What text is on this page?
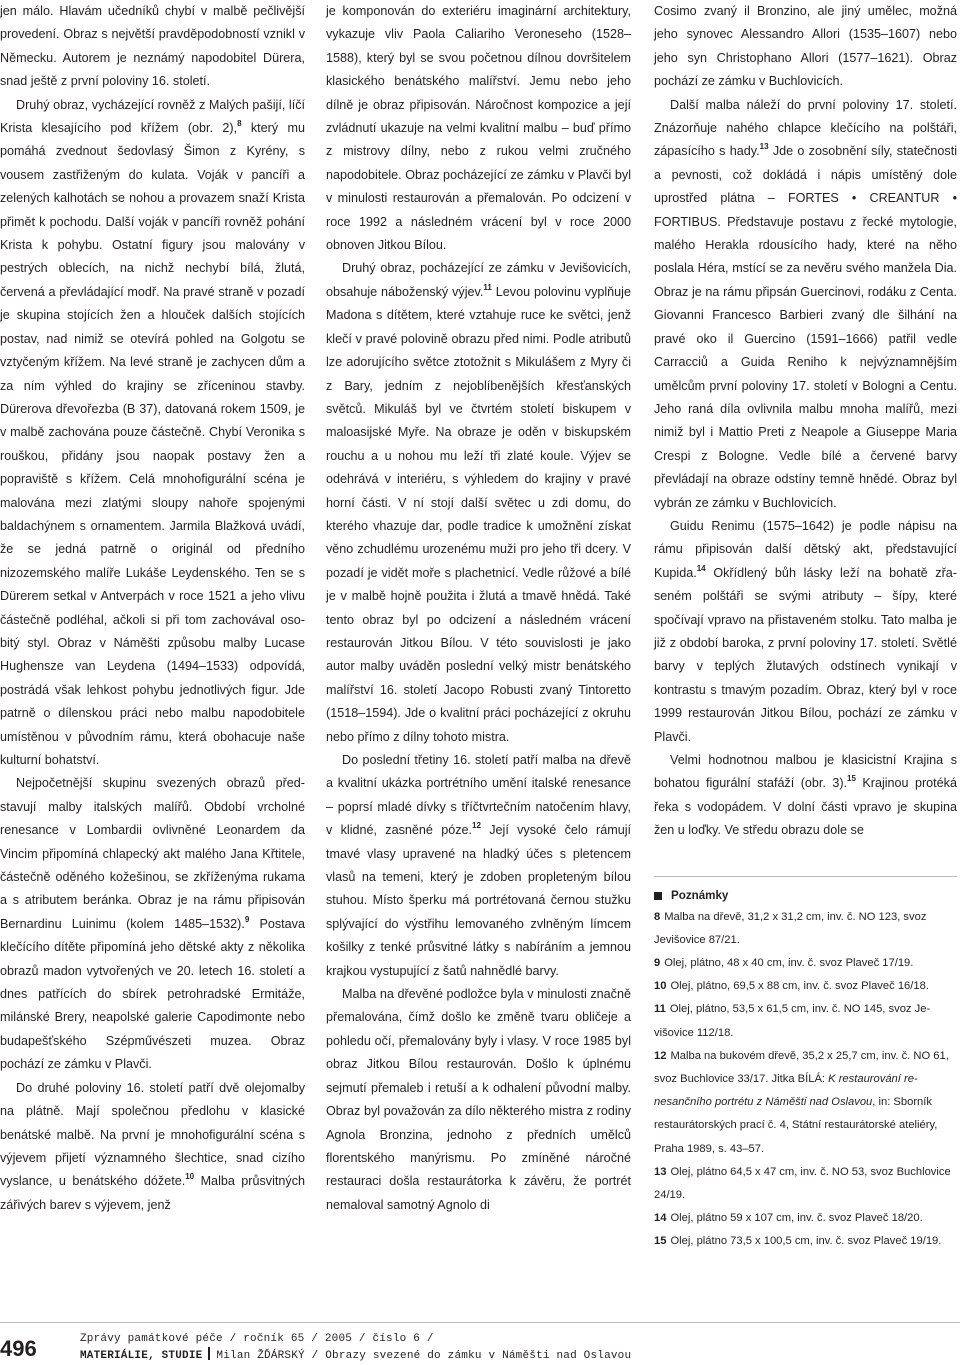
jen málo. Hlavám učedníků chybí v malbě pečlivější provedení. Obraz s největší pravděpodobností vznikl v Německu. Autorem je neznámý napodobitel Dürera, snad ještě z první poloviny 16. století.

Druhý obraz, vycházející rovněž z Malých pašijí, líčí Krista klesajícího pod křížem (obr. 2),$^8$ který mu pomáhá zvednout šedovlasý Šimon z Kyrény, s vousem zastřiženým do kulata. Voják v pancíři a zelených kalhotách se nohou a provazem snaží Krista přimět k pochodu. Další voják v pancíři rovněž pohání Krista k pohybu. Ostatní figury jsou malovány v pestrých oblecích, na nichž nechybí bílá, žlutá, červená a převládající modř. Na pravé straně v pozadí je skupina stojících žen a hlouček dalších stojících postav, nad nimiž se otevírá pohled na Golgotu se vztyčeným křížem. Na levé straně je zachycen dům a za ním výhled do krajiny se zříceninou stavby. Dürerova dřevořezba (B 37), datovaná rokem 1509, je v malbě zachována pouze částečně. Chybí Veronika s rouškou, přidány jsou naopak postavy žen a popraviště s křížem. Celá mnohofigurální scéna je malována mezi zlatými sloupy nahoře spojenými baldachýnem s ornamentem. Jarmila Blažková uvádí, že se jedná patrně o originál od předního nizozemského malíře Lukáše Leydenského. Ten se s Dürerem setkal v Antverpách v roce 1521 a jeho vlivu částečně podléhal, ačkoli si při tom zachovával osobitý styl. Obraz v Náměšti způsobu malby Lucase Hughensze van Leydena (1494–1533) odpovídá, postrádá však lehkost pohybu jednotlivých figur. Jde patrně o dílenskou práci nebo malbu napodobitele umístěnou v původním rámu, která obohacuje naše kulturní bohatství.

Nejpočetnější skupinu svezených obrazů představují malby italských malířů. Období vrcholné renesance v Lombardii ovlivněné Leonardem da Vincim připomíná chlapecký akt malého Jana Křtitele, částečně oděného kožešinou, se zkříženýma rukama a s atributem beránka. Obraz je na rámu připisován Bernardinu Luinimu (kolem 1485–1532).$^9$ Postava klečícího dítěte připomíná jeho dětské akty z několika obrazů madon vytvořených ve 20. letech 16. století a dnes patřících do sbírek petrohradské Ermitáže, milánské Brery, neapolské galerie Capodimonte nebo budapešťského Szépművészeti muzea. Obraz pochází ze zámku v Plavči.

Do druhé poloviny 16. století patří dvě olejomalby na plátně. Mají společnou předlohu v klasické benátské malbě. Na první je mnohofigurální scéna s výjevem přijetí významného šlechtice, snad cizího vyslance, u benátského dóžete.$^{10}$ Malba průsvitných zářivých barev s výjevem, jenž

je komponován do exteriéru imaginární architektury, vykazuje vliv Paola Caliariho Veroneseho (1528–1588), který byl se svou početnou dílnou dovršitelem klasického benátského malířství. Jemu nebo jeho dílně je obraz připisován. Náročnost kompozice a její zvládnutí ukazuje na velmi kvalitní malbu – buď přímo z mistrovy dílny, nebo z rukou velmi zručného napodobitele. Obraz pocházející ze zámku v Plavči byl v minulosti restaurován a přemalován. Po odcizení v roce 1992 a následném vrácení byl v roce 2000 obnoven Jitkou Bílou.

Druhý obraz, pocházející ze zámku v Jevišovicích, obsahuje náboženský výjev.$^{11}$ Levou polovinu vyplňuje Madona s dítětem, které vztahuje ruce ke světci, jenž klečí v pravé polovině obrazu před nimi. Podle atributů lze adorujícího světce ztotožnit s Mikulášem z Myry či z Bary, jedním z nejoblíbenějších křesťanských světců. Mikuláš byl ve čtvrtém století biskupem v maloasijské Myře. Na obraze je oděn v biskupském rouchu a u nohou mu leží tři zlaté koule. Výjev se odehrává v interiéru, s výhledem do krajiny v pravé horní části. V ní stojí další světec u zdi domu, do kterého vhazuje dar, podle tradice k umožnění získat věno zchudlému urozenému muži pro jeho tři dcery. V pozadí je vidět moře s plachetnicí. Vedle růžové a bílé je v malbě hojně použita i žlutá a tmavě hnědá. Také tento obraz byl po odcizení a následném vrácení restaurován Jitkou Bílou. V této souvislosti je jako autor malby uváděn poslední velký mistr benátského malířství 16. století Jacopo Robusti zvaný Tintoretto (1518–1594). Jde o kvalitní práci pocházející z okruhu nebo přímo z dílny tohoto mistra.

Do poslední třetiny 16. století patří malba na dřevě a kvalitní ukázka portrétního umění italské renesance – poprsí mladé dívky s tříčtvrtečním natočením hlavy, v klidné, zasněné póze.$^{12}$ Její vysoké čelo rámují tmavé vlasy upravené na hladký účes s pletencem vlasů na temeni, který je zdoben propleteným bílou stuhou. Místo šperku má portrétovaná černou stužku splývající do výstřihu lemovaného zvlněným límcem košilky z tenké průsvitné látky s nabíráním a jemnou krajkou vystupující z šatů nahnědlé barvy.

Malba na dřevěné podložce byla v minulosti značně přemalována, čímž došlo ke změně tvaru obličeje a pohledu očí, přemalovány byly i vlasy. V roce 1985 byl obraz Jitkou Bílou restaurován. Došlo k úplnému sejmutí přemaleb i retuší a k odhalení původní malby. Obraz byl považován za dílo některého mistra z rodiny Agnola Bronzina, jednoho z předních umělců florentského manýrismu. Po zmíněné náročné restauraci došla restaurátorka k závěru, že portrét nemaloval samotný Agnolo di

Cosimo zvaný il Bronzino, ale jiný umělec, možná jeho synovec Alessandro Allori (1535–1607) nebo jeho syn Christophano Allori (1577–1621). Obraz pochází ze zámku v Buchlovicích.

Další malba náleží do první poloviny 17. století. Znázorňuje nahého chlapce klečícího na polštáři, zápasícího s hady.$^{13}$ Jde o zosobnění síly, statečnosti a pevnosti, což dokládá i nápis umístěný dole uprostřed plátna – FORTES • CREANTUR • FORTIBUS. Představuje postavu z řecké mytologie, malého Herakla rdousícího hady, které na něho poslala Héra, mstící se za nevěru svého manžela Dia. Obraz je na rámu připsán Guercinovi, rodáku z Centa. Giovanni Francesco Barbieri zvaný dle šilhání na pravé oko il Guercino (1591–1666) patřil vedle Carracciů a Guida Reniho k nejvýznamnějším umělcům první poloviny 17. století v Bologni a Centu. Jeho raná díla ovlivnila malbu mnoha malířů, mezi nimiž byl i Mattio Preti z Neapole a Giuseppe Maria Crespi z Bologne. Vedle bílé a červené barvy převládají na obraze odstíny temně hnědé. Obraz byl vybrán ze zámku v Buchlovicích.

Guidu Renimu (1575–1642) je podle nápisu na rámu připisován další dětský akt, představující Kupida.$^{14}$ Okřídlený bůh lásky leží na bohatě zřaseném polštáři se svými atributy – šípy, které spočívají vpravo na přistaveném stolku. Tato malba je již z období baroka, z první poloviny 17. století. Světlé barvy v teplých žlutavých odstínech vynikají v kontrastu s tmavým pozadím. Obraz, který byl v roce 1999 restaurován Jitkou Bílou, pochází ze zámku v Plavči.

Velmi hodnotnou malbou je klasicistní Krajina s bohatou figurální stafáží (obr. 3).$^{15}$ Krajinou protéká řeka s vodopádem. V dolní části vpravo je skupina žen u loďky. Ve středu obrazu dole se

Poznámky

8 Malba na dřevě, 31,2 x 31,2 cm, inv. č. NO 123, svoz Jevišovice 87/21.

9 Olej, plátno, 48 x 40 cm, inv. č. svoz Plaveč 17/19.

10 Olej, plátno, 69,5 x 88 cm, inv. č. svoz Plaveč 16/18.

11 Olej, plátno, 53,5 x 61,5 cm, inv. č. NO 145, svoz Jevišovice 112/18.

12 Malba na bukovém dřevě, 35,2 x 25,7 cm, inv. č. NO 61, svoz Buchlovice 33/17. Jitka BÍLÁ: K restaurování renesančního portrétu z Náměšti nad Oslavou, in: Sborník restaurátorských prací č. 4, Státní restaurátorské ateliéry, Praha 1989, s. 43–57.

13 Olej, plátno 64,5 x 47 cm, inv. č. NO 53, svoz Buchlovice 24/19.

14 Olej, plátno 59 x 107 cm, inv. č. svoz Plaveč 18/20.

15 Olej, plátno 73,5 x 100,5 cm, inv. č. svoz Plaveč 19/19.

496	Zprávy památkové péče / ročník 65 / 2005 / číslo 6 /
MATERIÁLIE, STUDIE Milan ŽĎÁRSKÝ / Obrazy svezené do zámku v Náměšti nad Oslavou
